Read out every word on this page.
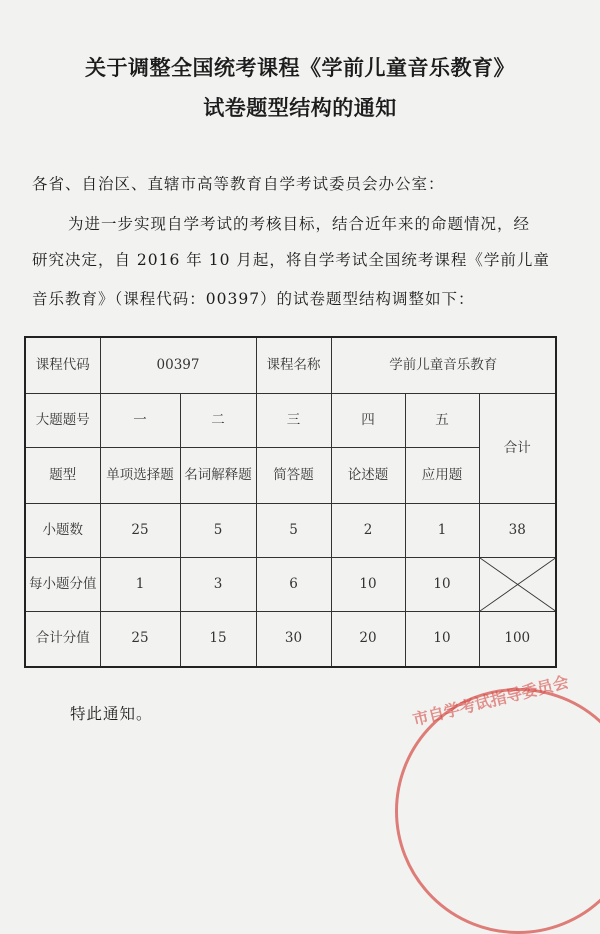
关于调整全国统考课程《学前儿童音乐教育》
试卷题型结构的通知
各省、自治区、直辖市高等教育自学考试委员会办公室：
为进一步实现自学考试的考核目标，结合近年来的命题情况，经
研究决定，自 2016 年 10 月起，将自学考试全国统考课程《学前儿童
音乐教育》（课程代码：00397）的试卷题型结构调整如下：
课程代码	00397		课程名称	学前儿童音乐教育		
大题题号	一	二	三	四	五	合计
题型	单项选择题	名词解释题	简答题	论述题	应用题	
小题数	25	5	5	2	1	38
每小题分值	1	3	6	10	10	

合计分值	25	15	30	20	10	100
特此通知。	市自学考试指导委员会
